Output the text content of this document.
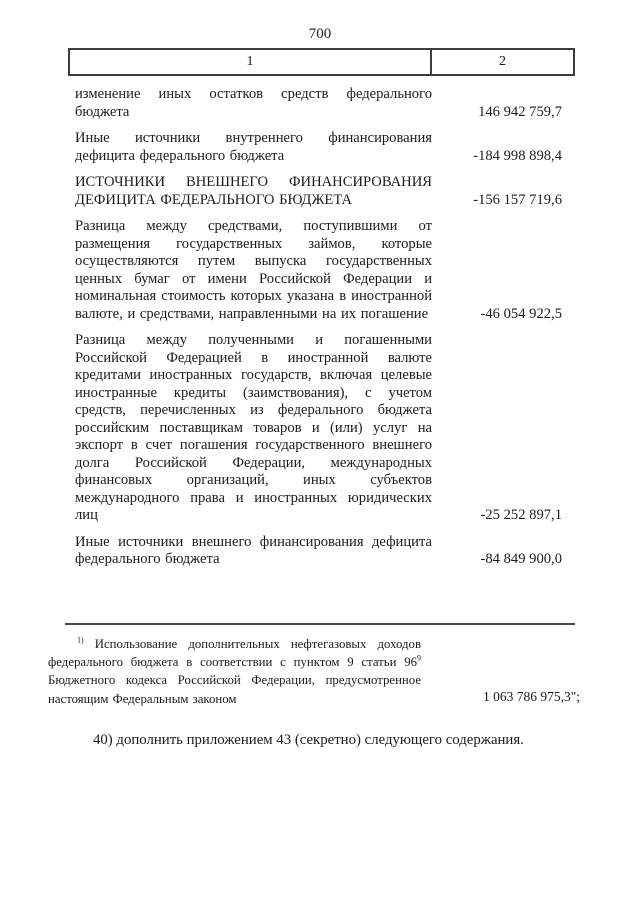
700
1	2
изменение иных остатков средств федерального бюджета	146 942 759,7
Иные источники внутреннего финансирования дефицита федерального бюджета	-184 998 898,4
ИСТОЧНИКИ ВНЕШНЕГО ФИНАНСИРОВАНИЯ ДЕФИЦИТА ФЕДЕРАЛЬНОГО БЮДЖЕТА	-156 157 719,6
Разница между средствами, поступившими от размещения государственных займов, которые осуществляются путем выпуска государственных ценных бумаг от имени Российской Федерации и номинальная стоимость которых указана в иностранной валюте, и средствами, направленными на их погашение	-46 054 922,5
Разница между полученными и погашенными Российской Федерацией в иностранной валюте кредитами иностранных государств, включая целевые иностранные кредиты (заимствования), с учетом средств, перечисленных из федерального бюджета российским поставщикам товаров и (или) услуг на экспорт в счет погашения государственного внешнего долга Российской Федерации, международных финансовых организаций, иных субъектов международного права и иностранных юридических лиц	-25 252 897,1
Иные источники внешнего финансирования дефицита федерального бюджета	-84 849 900,0
$^{1)}$ Использование дополнительных нефтегазовых доходов федерального бюджета в соответствии с пунктом 9 статьи $96^9$ Бюджетного кодекса Российской Федерации, предусмотренное настоящим Федеральным законом	1 063 786 975,3";
40) дополнить приложением 43 (секретно) следующего содержания.
